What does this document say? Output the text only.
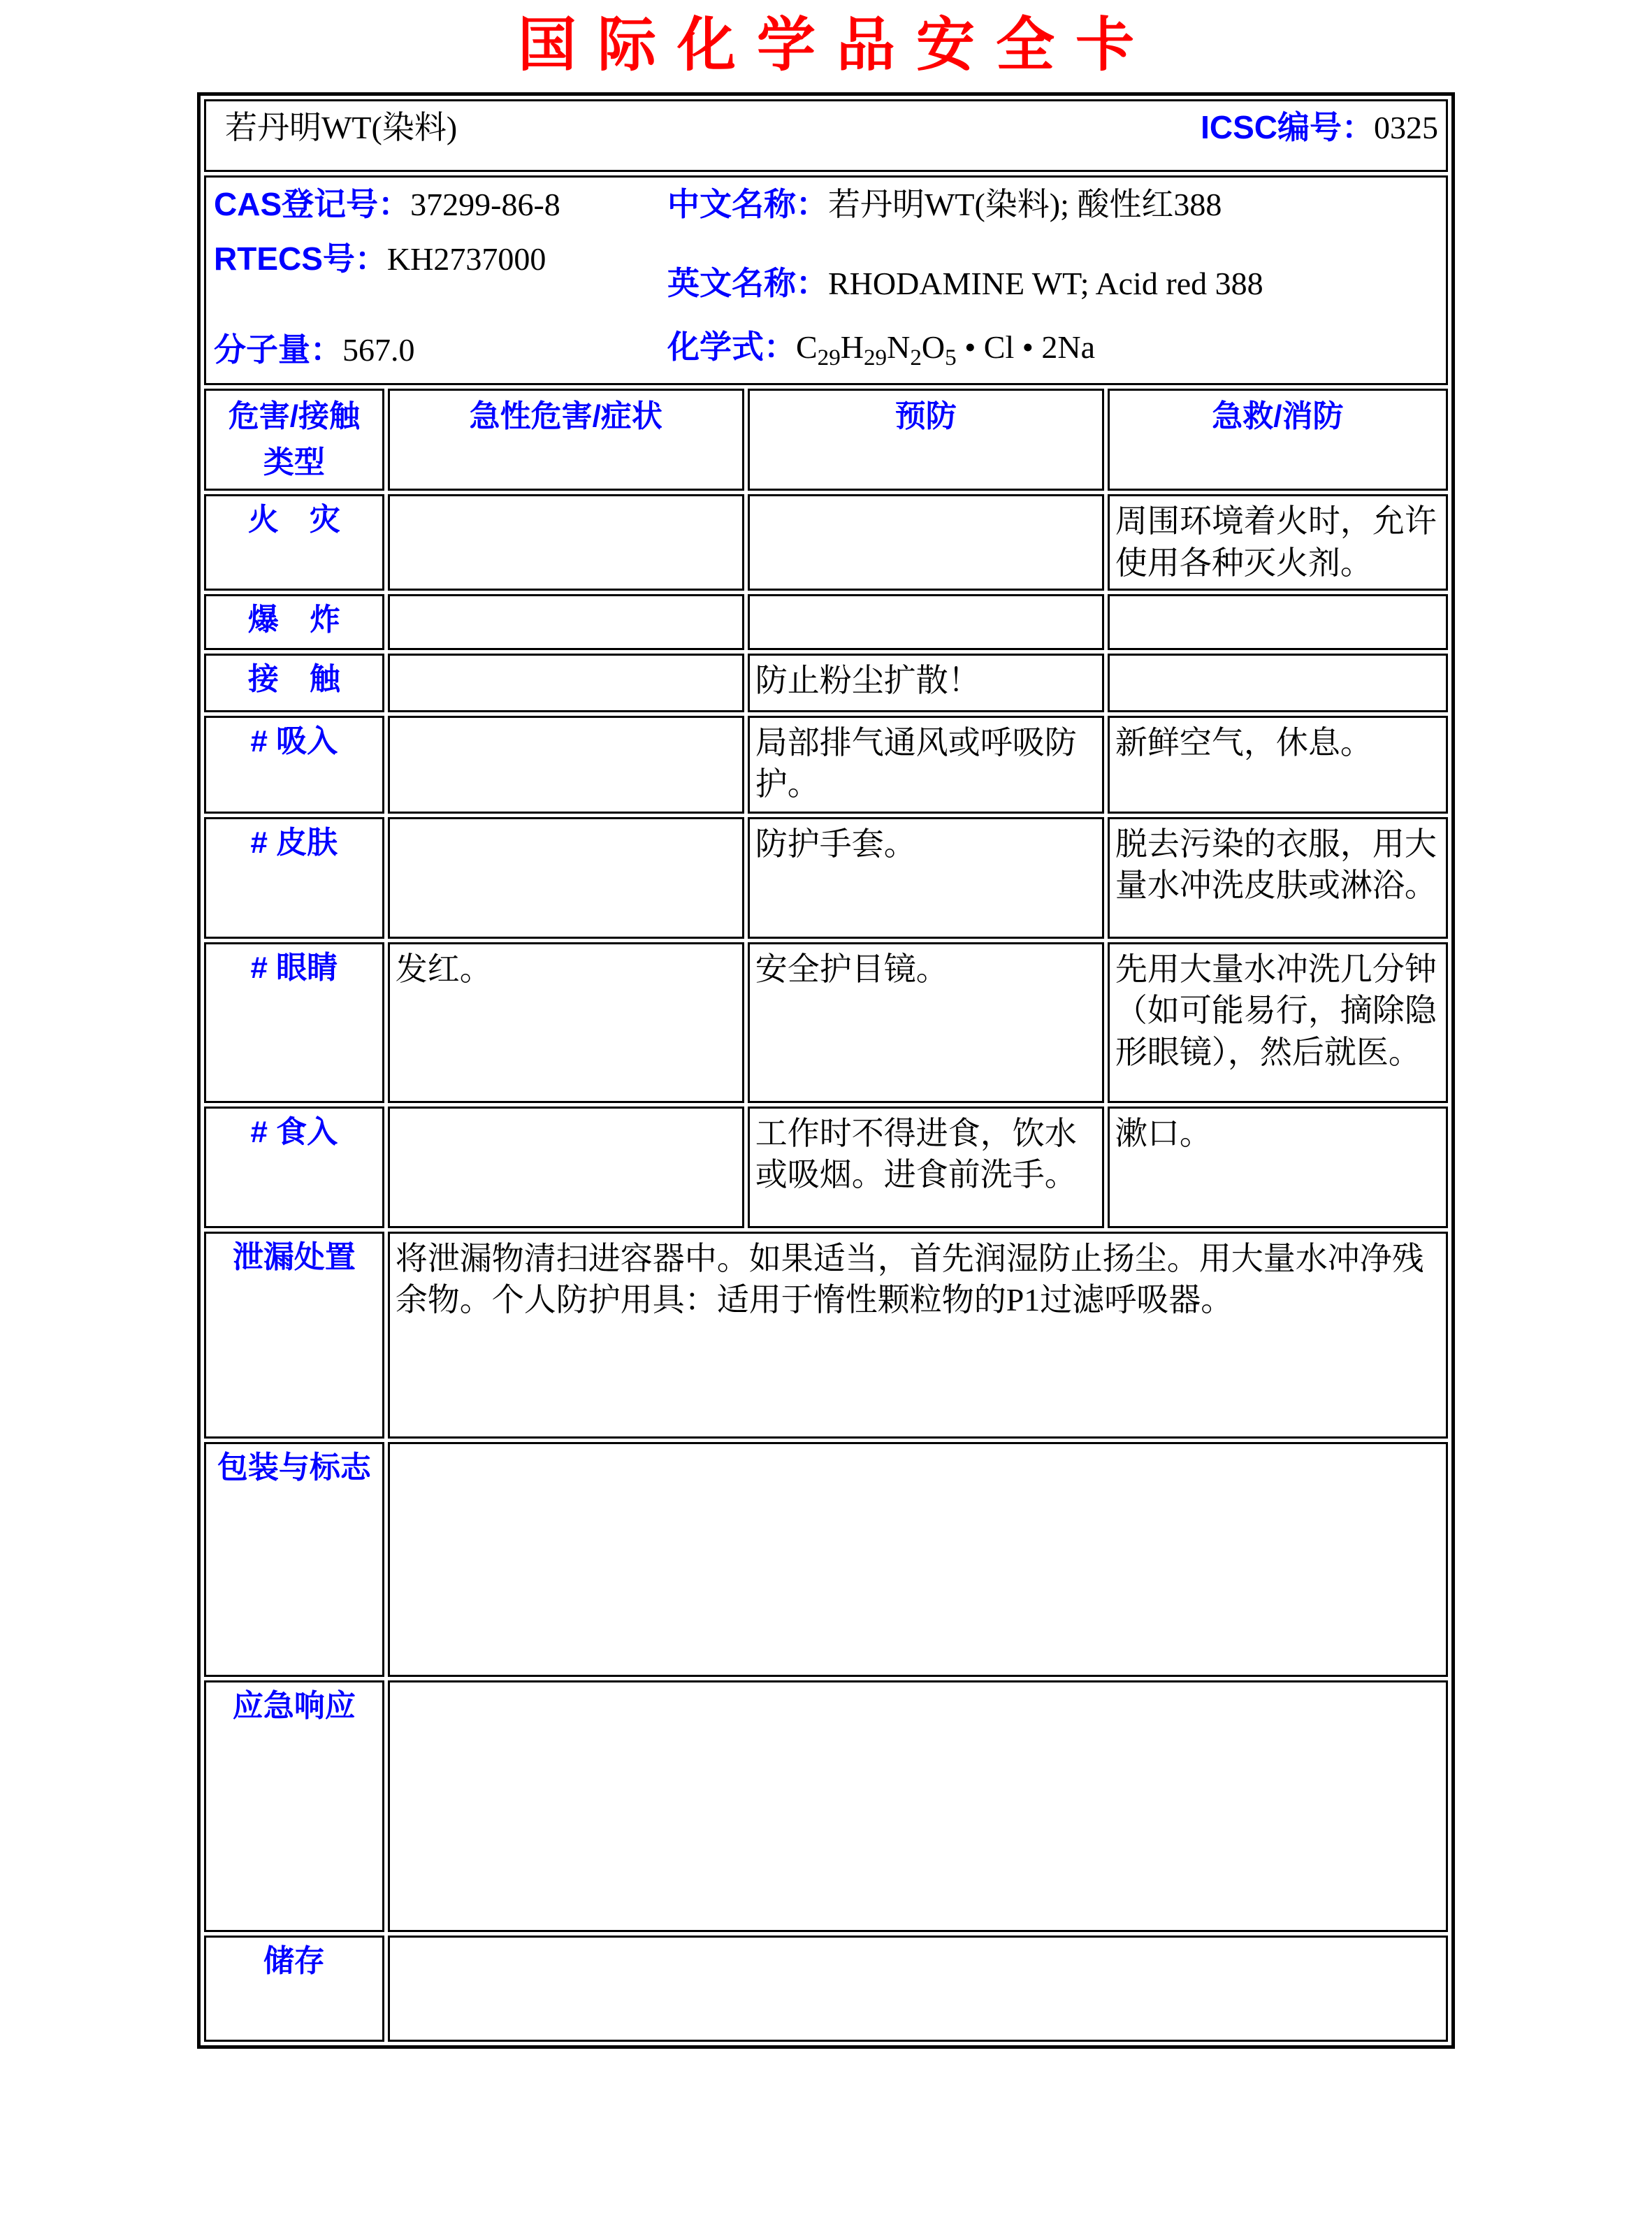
国际化学品安全卡
若丹明WT(染料) ICSC编号：0325			

CAS登记号：37299-86-8	中文名称：若丹明WT(染料); 酸性红388
RTECS号：KH2737000
英文名称：RHODAMINE WT; Acid red 388
分子量：567.0	化学式：$C_{29}H_{29}N_2O_5$ • Cl • 2Na

危害/接触类型	急性危害/症状	预防	急救/消防
火　灾			周围环境着火时，允许使用各种灭火剂。
爆　炸			
接　触		防止粉尘扩散！	
# 吸入		局部排气通风或呼吸防护。	新鲜空气，休息。
# 皮肤		防护手套。	脱去污染的衣服，用大量水冲洗皮肤或淋浴。
# 眼睛	发红。	安全护目镜。	先用大量水冲洗几分钟（如可能易行，摘除隐形眼镜），然后就医。
# 食入		工作时不得进食，饮水或吸烟。进食前洗手。	漱口。
泄漏处置	将泄漏物清扫进容器中。如果适当，首先润湿防止扬尘。用大量水冲净残余物。个人防护用具：适用于惰性颗粒物的P1过滤呼吸器。		
包装与标志			
应急响应			
储存			
